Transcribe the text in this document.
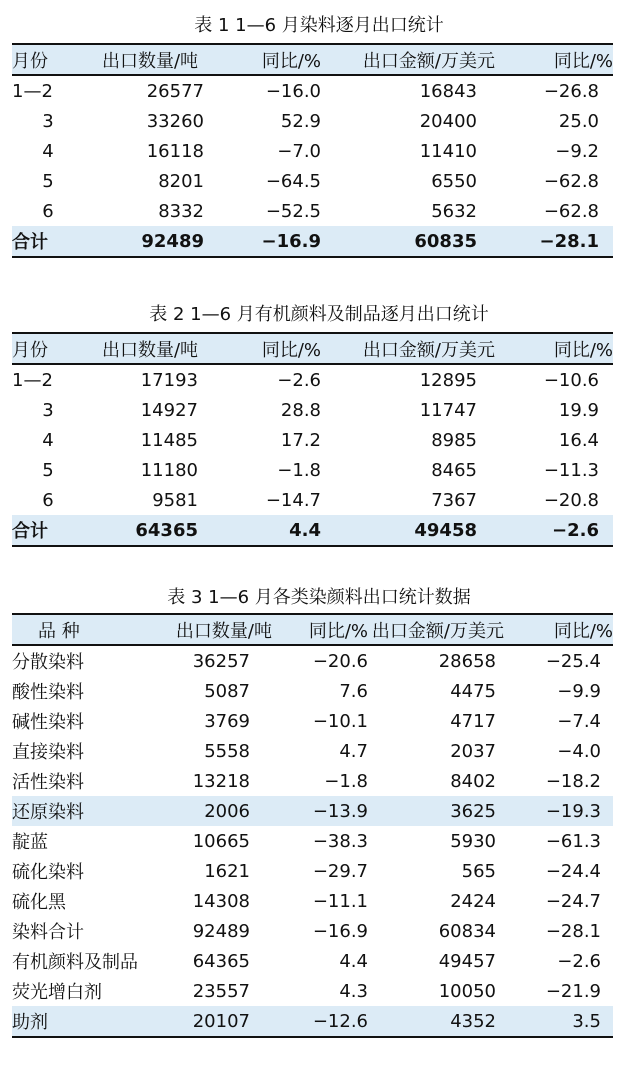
表 1 1—6 月染料逐月出口统计
月份	出口数量/吨	同比/%	出口金额/万美元	同比/%
1—2	26577	−16.0	16843	−26.8
3	33260	52.9	20400	25.0
4	16118	−7.0	11410	−9.2
5	8201	−64.5	6550	−62.8
6	8332	−52.5	5632	−62.8
合计	92489	−16.9	60835	−28.1
表 2 1—6 月有机颜料及制品逐月出口统计
月份	出口数量/吨	同比/%	出口金额/万美元	同比/%
1—2	17193	−2.6	12895	−10.6
3	14927	28.8	11747	19.9
4	11485	17.2	8985	16.4
5	11180	−1.8	8465	−11.3
6	9581	−14.7	7367	−20.8
合计	64365	4.4	49458	−2.6
表 3 1—6 月各类染颜料出口统计数据
品 种	出口数量/吨	同比/%	出口金额/万美元	同比/%
分散染料	36257	−20.6	28658	−25.4
酸性染料	5087	7.6	4475	−9.9
碱性染料	3769	−10.1	4717	−7.4
直接染料	5558	4.7	2037	−4.0
活性染料	13218	−1.8	8402	−18.2
还原染料	2006	−13.9	3625	−19.3
靛蓝	10665	−38.3	5930	−61.3
硫化染料	1621	−29.7	565	−24.4
硫化黑	14308	−11.1	2424	−24.7
染料合计	92489	−16.9	60834	−28.1
有机颜料及制品	64365	4.4	49457	−2.6
荧光增白剂	23557	4.3	10050	−21.9
助剂	20107	−12.6	4352	3.5
